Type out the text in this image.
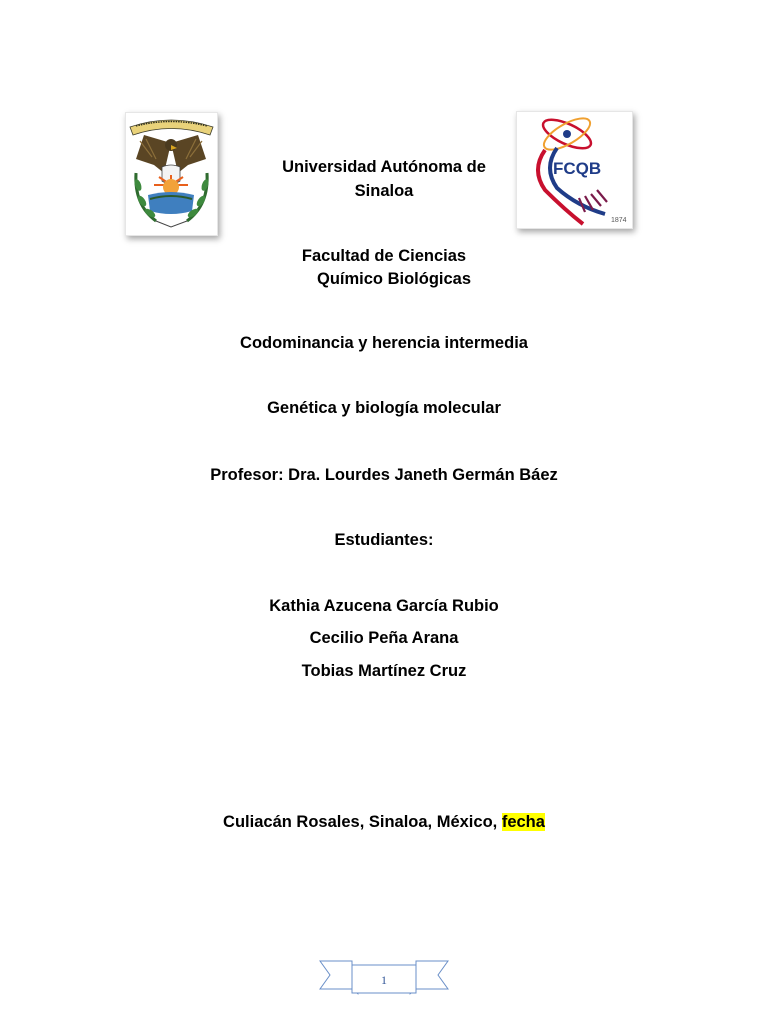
FCQB
1874
Universidad Autónoma de
Sinaloa
Facultad de Ciencias
Químico Biológicas
Codominancia y herencia intermedia
Genética y biología molecular
Profesor: Dra. Lourdes Janeth Germán Báez
Estudiantes:
Kathia Azucena García Rubio
Cecilio Peña Arana
Tobias Martínez Cruz
Culiacán Rosales, Sinaloa, México, fecha
1
